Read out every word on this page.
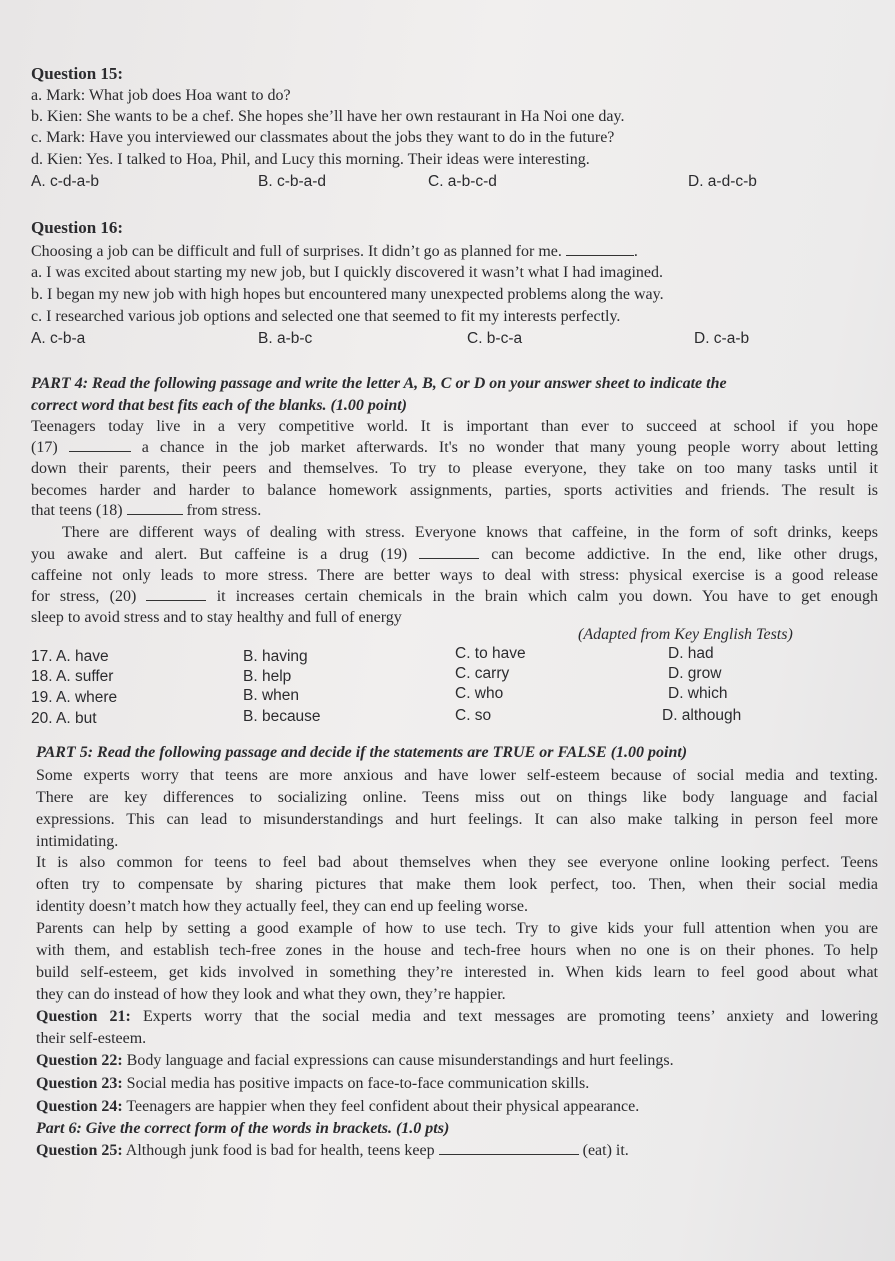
Question 15:
a. Mark: What job does Hoa want to do?
b. Kien: She wants to be a chef. She hopes she’ll have her own restaurant in Ha Noi one day.
c. Mark: Have you interviewed our classmates about the jobs they want to do in the future?
d. Kien: Yes. I talked to Hoa, Phil, and Lucy this morning. Their ideas were interesting.
A. c-d-a-b	B. c-b-a-d	C. a-b-c-d	D. a-d-c-b
Question 16:
Choosing a job can be difficult and full of surprises. It didn’t go as planned for me.	.
a. I was excited about starting my new job, but I quickly discovered it wasn’t what I had imagined.
b. I began my new job with high hopes but encountered many unexpected problems along the way.
c. I researched various job options and selected one that seemed to fit my interests perfectly.
A. c-b-a	B. a-b-c	C. b-c-a	D. c-a-b
PART 4: Read the following passage and write the letter A, B, C or D on your answer sheet to indicate the
correct word that best fits each of the blanks. (1.00 point)
Teenagers today live in a very competitive world. It is important than ever to succeed at school if you hope
(17)	a chance in the job market afterwards. It's no wonder that many young people worry about letting
down their parents, their peers and themselves. To try to please everyone, they take on too many tasks until it
becomes harder and harder to balance homework assignments, parties, sports activities and friends. The result is
that teens (18)	from stress.
There are different ways of dealing with stress. Everyone knows that caffeine, in the form of soft drinks, keeps
you awake and alert. But caffeine is a drug (19)	can become addictive. In the end, like other drugs,
caffeine not only leads to more stress. There are better ways to deal with stress: physical exercise is a good release
for stress, (20)	it increases certain chemicals in the brain which calm you down. You have to get enough
sleep to avoid stress and to stay healthy and full of energy
(Adapted from Key English Tests)
17. A. have	B. having	C. to have	D. had
18. A. suffer	B. help	C. carry	D. grow
19. A. where	B. when	C. who	D. which
20. A. but	B. because	C. so	D. although
PART 5: Read the following passage and decide if the statements are TRUE or FALSE (1.00 point)
Some experts worry that teens are more anxious and have lower self-esteem because of social media and texting.
There are key differences to socializing online. Teens miss out on things like body language and facial
expressions. This can lead to misunderstandings and hurt feelings. It can also make talking in person feel more
intimidating.
It is also common for teens to feel bad about themselves when they see everyone online looking perfect. Teens
often try to compensate by sharing pictures that make them look perfect, too. Then, when their social media
identity doesn’t match how they actually feel, they can end up feeling worse.
Parents can help by setting a good example of how to use tech. Try to give kids your full attention when you are
with them, and establish tech-free zones in the house and tech-free hours when no one is on their phones. To help
build self-esteem, get kids involved in something they’re interested in. When kids learn to feel good about what
they can do instead of how they look and what they own, they’re happier.
Question 21: Experts worry that the social media and text messages are promoting teens’ anxiety and lowering
their self-esteem.
Question 22: Body language and facial expressions can cause misunderstandings and hurt feelings.
Question 23: Social media has positive impacts on face-to-face communication skills.
Question 24: Teenagers are happier when they feel confident about their physical appearance.
Part 6: Give the correct form of the words in brackets. (1.0 pts)
Question 25: Although junk food is bad for health, teens keep	(eat) it.
